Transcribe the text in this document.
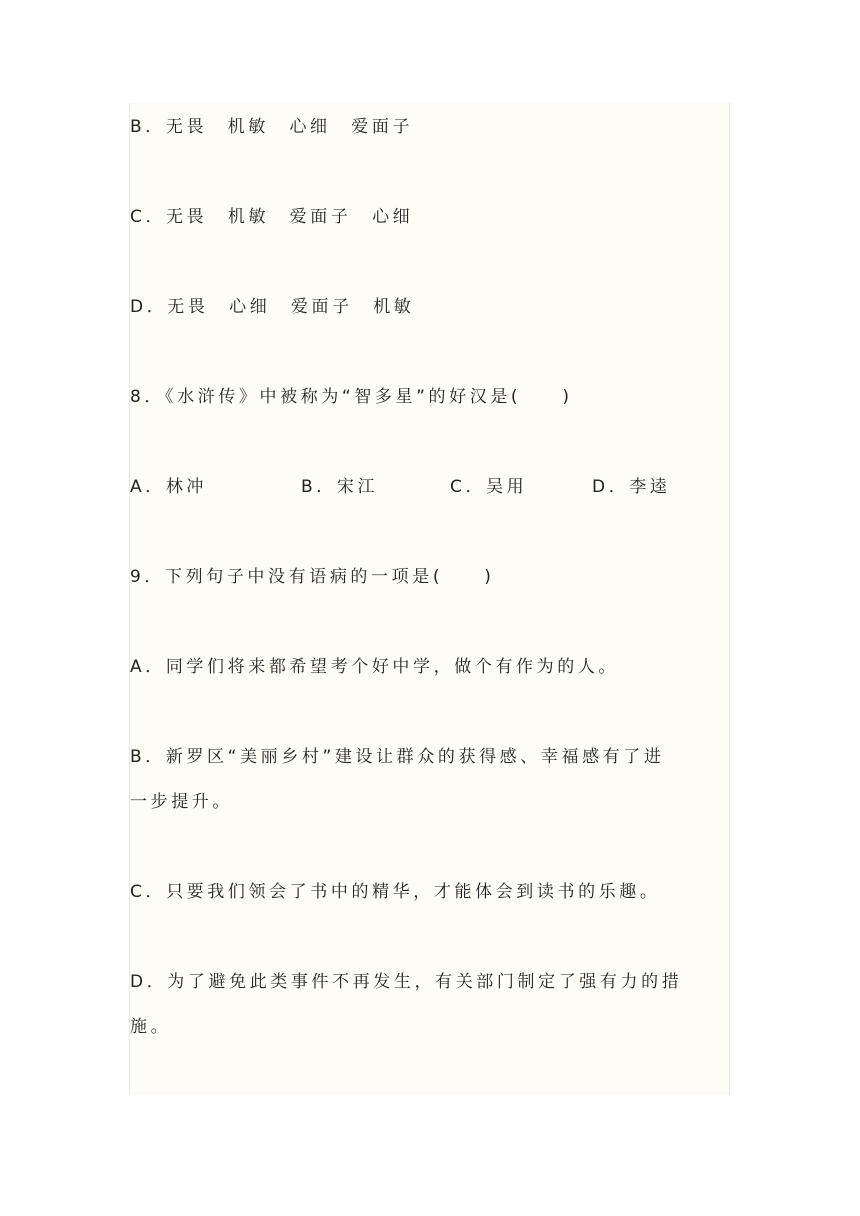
B．无畏　机敏　心细　爱面子
C．无畏　机敏　爱面子　心细
D．无畏　心细　爱面子　机敏
8．《水浒传》中被称为“智多星”的好汉是(　　)
A．林冲	B．宋江	C．吴用	D．李逵
9．下列句子中没有语病的一项是(　　)
A．同学们将来都希望考个好中学，做个有作为的人。
B．新罗区“美丽乡村”建设让群众的获得感、幸福感有了进
一步提升。
C．只要我们领会了书中的精华，才能体会到读书的乐趣。
D．为了避免此类事件不再发生，有关部门制定了强有力的措
施。
